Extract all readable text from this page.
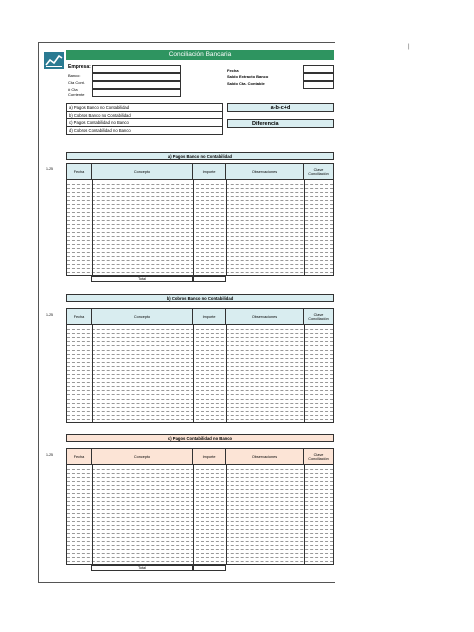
|
Conciliación Bancaria
Empresa:
Banco:
Cta Cont.
# Cta Corriente
Fecha
Saldo Extracto Banco
Saldo Cta. Contable
a) Pagos Banco no Contabilidad
b) Cobros Banco no Contabilidad
c) Pagos Contabilidad no Banco
d) Cobros Contabilidad no Banco
a-b-c+d
Diferencia
a) Pagos Banco no Contabilidad
1-25
Fecha	Concepto	Importe	Observaciones	Clave Conciliación
Total
b) Cobros Banco no Contabilidad
1-25	Fecha	Concepto	Importe	Observaciones	Clave Conciliación
c) Pagos Contabilidad no Banco
1-25	Fecha	Concepto	Importe	Observaciones	Clave Conciliación
Total
